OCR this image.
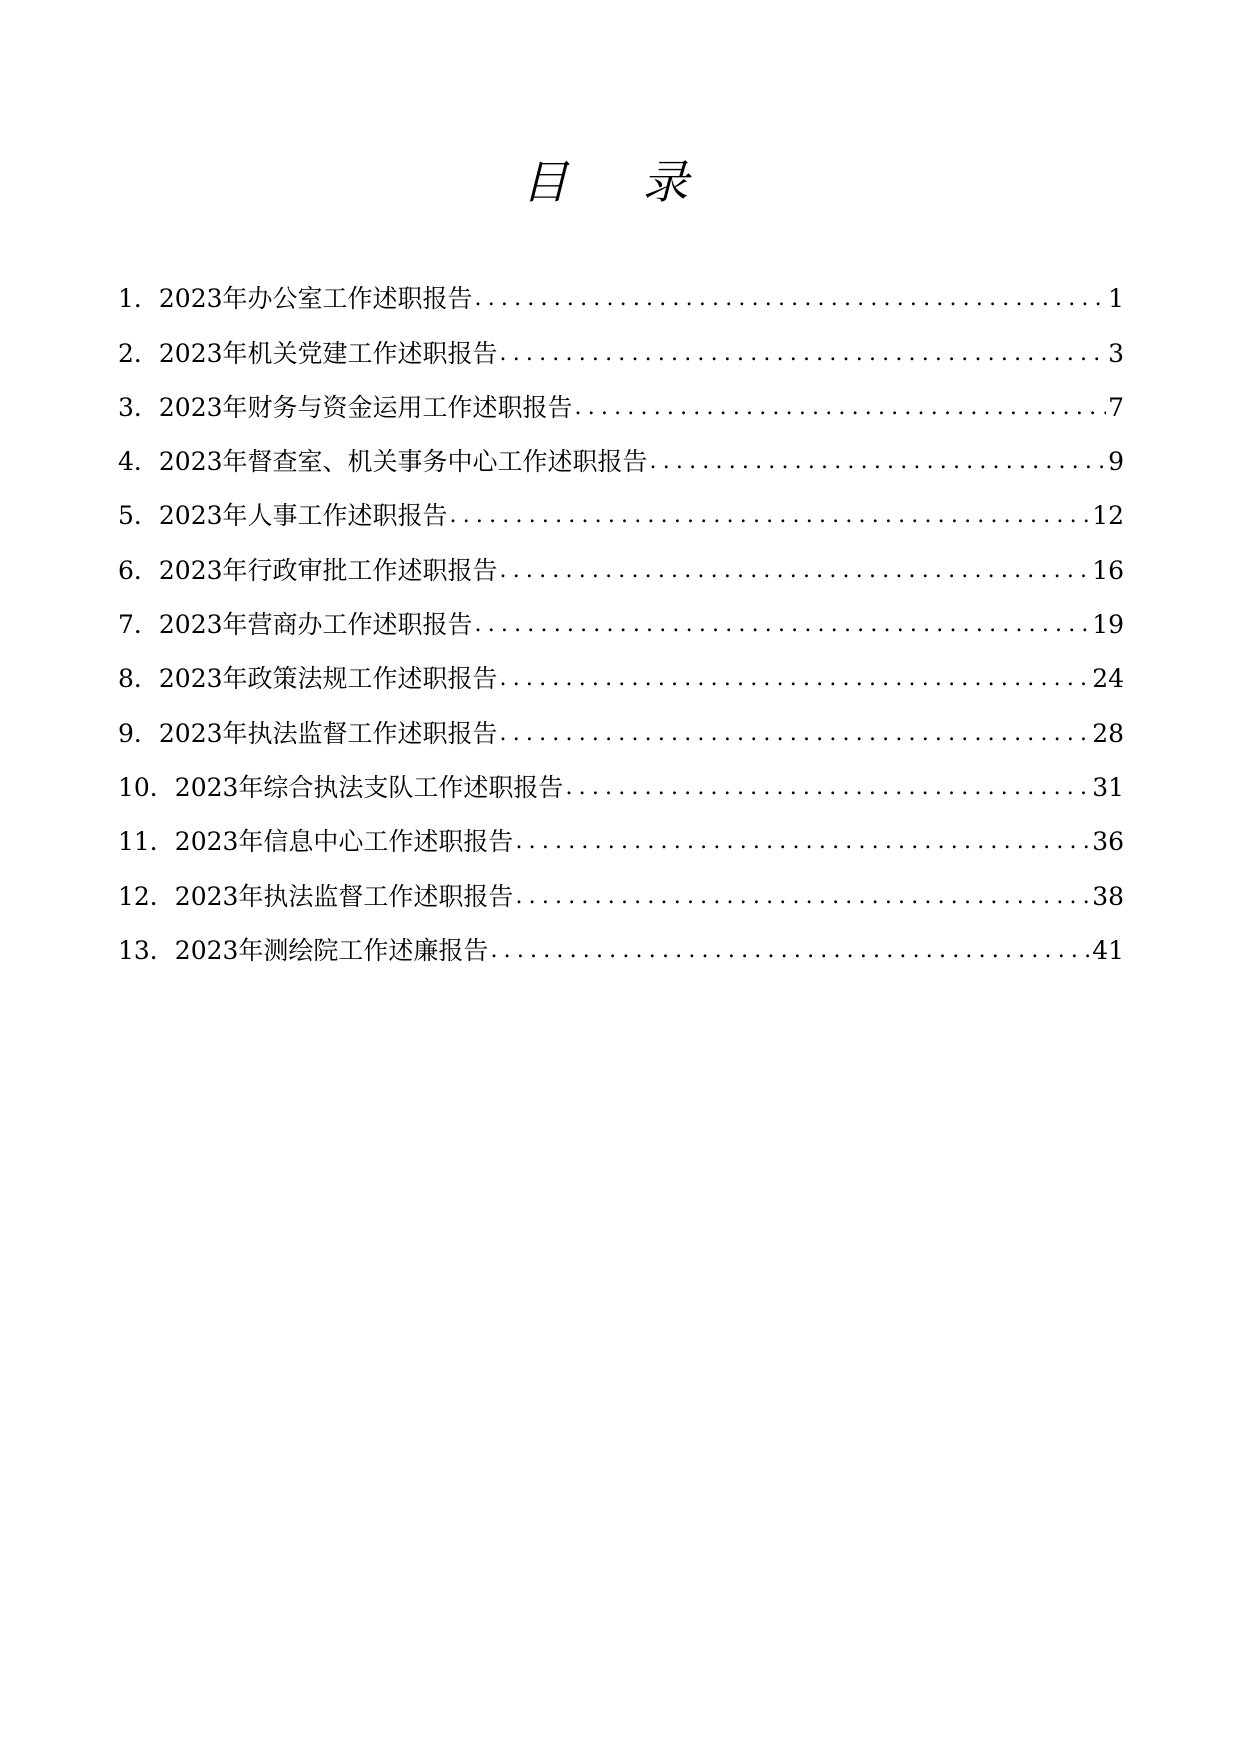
目 录
1．2023年办公室工作述职报告 .....	1
2．2023年机关党建工作述职报告 .....	3
3．2023年财务与资金运用工作述职报告 .....	7
4．2023年督查室、机关事务中心工作述职报告 .....	9
5．2023年人事工作述职报告 .....	12
6．2023年行政审批工作述职报告 .....	16
7．2023年营商办工作述职报告 .....	19
8．2023年政策法规工作述职报告 .....	24
9．2023年执法监督工作述职报告 .....	28
10．2023年综合执法支队工作述职报告 .....	31
11．2023年信息中心工作述职报告 .....	36
12．2023年执法监督工作述职报告 .....	38
13．2023年测绘院工作述廉报告 .....	41
